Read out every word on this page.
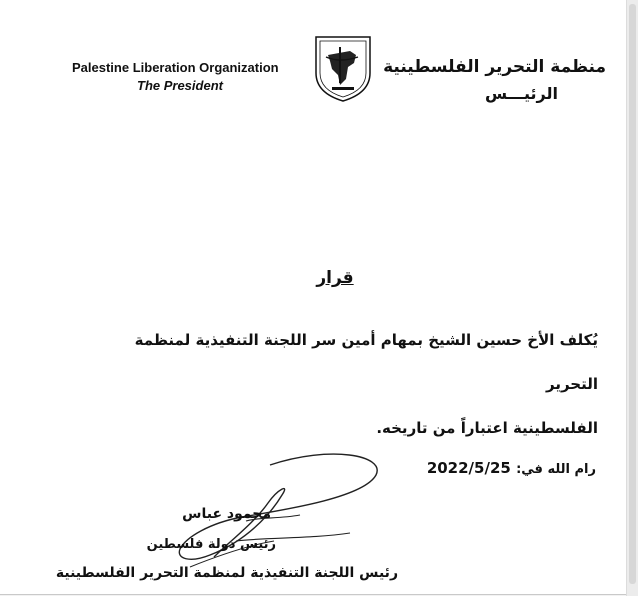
Palestine Liberation Organization
The President
منظمة التحرير الفلسطينية
الرئيـــس
قرار
يُكلف الأخ حسين الشيخ بمهام أمين سر اللجنة التنفيذية لمنظمة التحرير
الفلسطينية اعتباراً من تاريخه.
رام الله في: 2022/5/25
محمود عباس
رئيس دولة فلسطين
رئيس اللجنة التنفيذية لمنظمة التحرير الفلسطينية
